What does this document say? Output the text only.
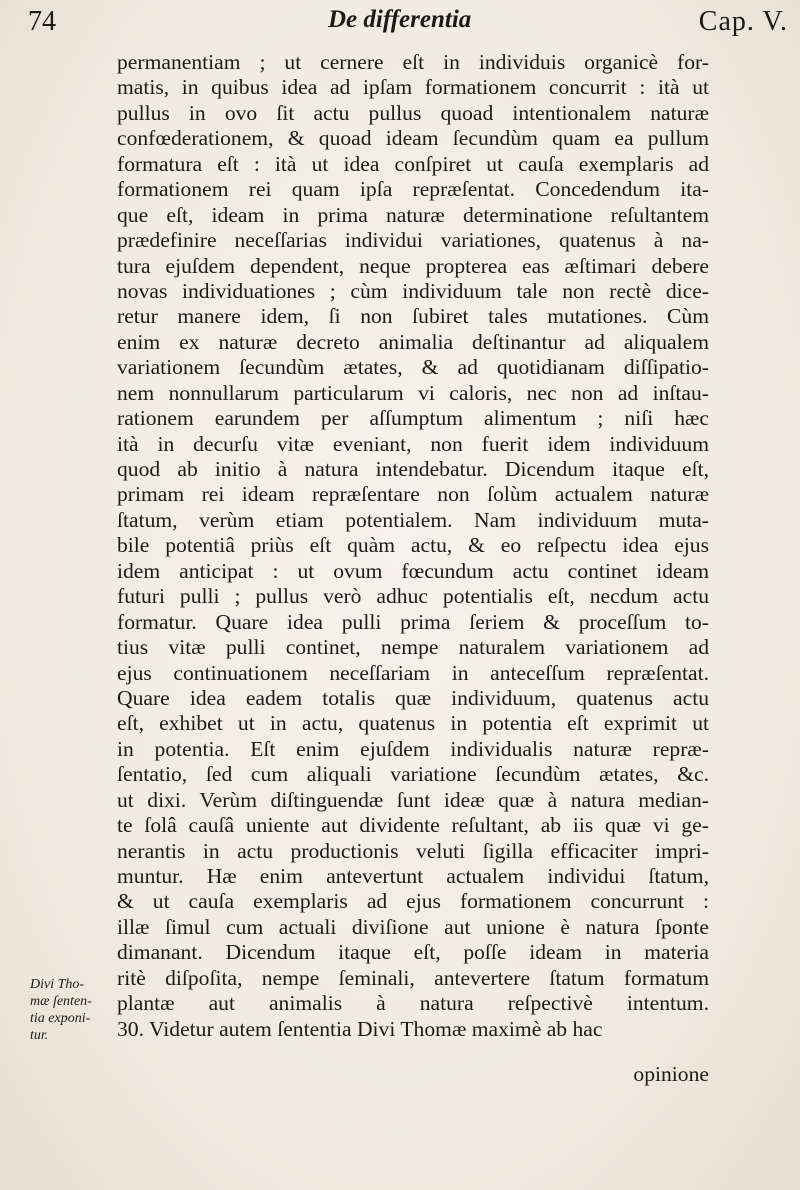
74	De differentia	Cap. V.
Divi Tho-
mæ ſenten-
tia exponi-
tur.
permanentiam ; ut cernere eſt in individuis organicè for-
matis, in quibus idea ad ipſam formationem concurrit : ità ut
pullus in ovo ſit actu pullus quoad intentionalem naturæ
confœderationem, & quoad ideam ſecundùm quam ea pullum
formatura eſt : ità ut idea conſpiret ut cauſa exemplaris ad
formationem rei quam ipſa repræſentat. Concedendum ita-
que eſt, ideam in prima naturæ determinatione reſultantem
prædefinire neceſſarias individui variationes, quatenus à na-
tura ejuſdem dependent, neque propterea eas æſtimari debere
novas individuationes ; cùm individuum tale non rectè dice-
retur manere idem, ſi non ſubiret tales mutationes. Cùm
enim ex naturæ decreto animalia deſtinantur ad aliqualem
variationem ſecundùm ætates, & ad quotidianam diſſipatio-
nem nonnullarum particularum vi caloris, nec non ad inſtau-
rationem earundem per aſſumptum alimentum ; niſi hæc
ità in decurſu vitæ eveniant, non fuerit idem individuum
quod ab initio à natura intendebatur. Dicendum itaque eſt,
primam rei ideam repræſentare non ſolùm actualem naturæ
ſtatum, verùm etiam potentialem. Nam individuum muta-
bile potentiâ priùs eſt quàm actu, & eo reſpectu idea ejus
idem anticipat : ut ovum fœcundum actu continet ideam
futuri pulli ; pullus verò adhuc potentialis eſt, necdum actu
formatur. Quare idea pulli prima ſeriem & proceſſum to-
tius vitæ pulli continet, nempe naturalem variationem ad
ejus continuationem neceſſariam in anteceſſum repræſentat.
Quare idea eadem totalis quæ individuum, quatenus actu
eſt, exhibet ut in actu, quatenus in potentia eſt exprimit ut
in potentia. Eſt enim ejuſdem individualis naturæ repræ-
ſentatio, ſed cum aliquali variatione ſecundùm ætates, &c.
ut dixi. Verùm diſtinguendæ ſunt ideæ quæ à natura median-
te ſolâ cauſâ uniente aut dividente reſultant, ab iis quæ vi ge-
nerantis in actu productionis veluti ſigilla efficaciter impri-
muntur. Hæ enim antevertunt actualem individui ſtatum,
& ut cauſa exemplaris ad ejus formationem concurrunt :
illæ ſimul cum actuali diviſione aut unione è natura ſponte
dimanant. Dicendum itaque eſt, poſſe ideam in materia
ritè diſpoſita, nempe ſeminali, antevertere ſtatum formatum
plantæ aut animalis à natura reſpectivè intentum.
30. Videtur autem ſententia Divi Thomæ maximè ab hac
opinione
